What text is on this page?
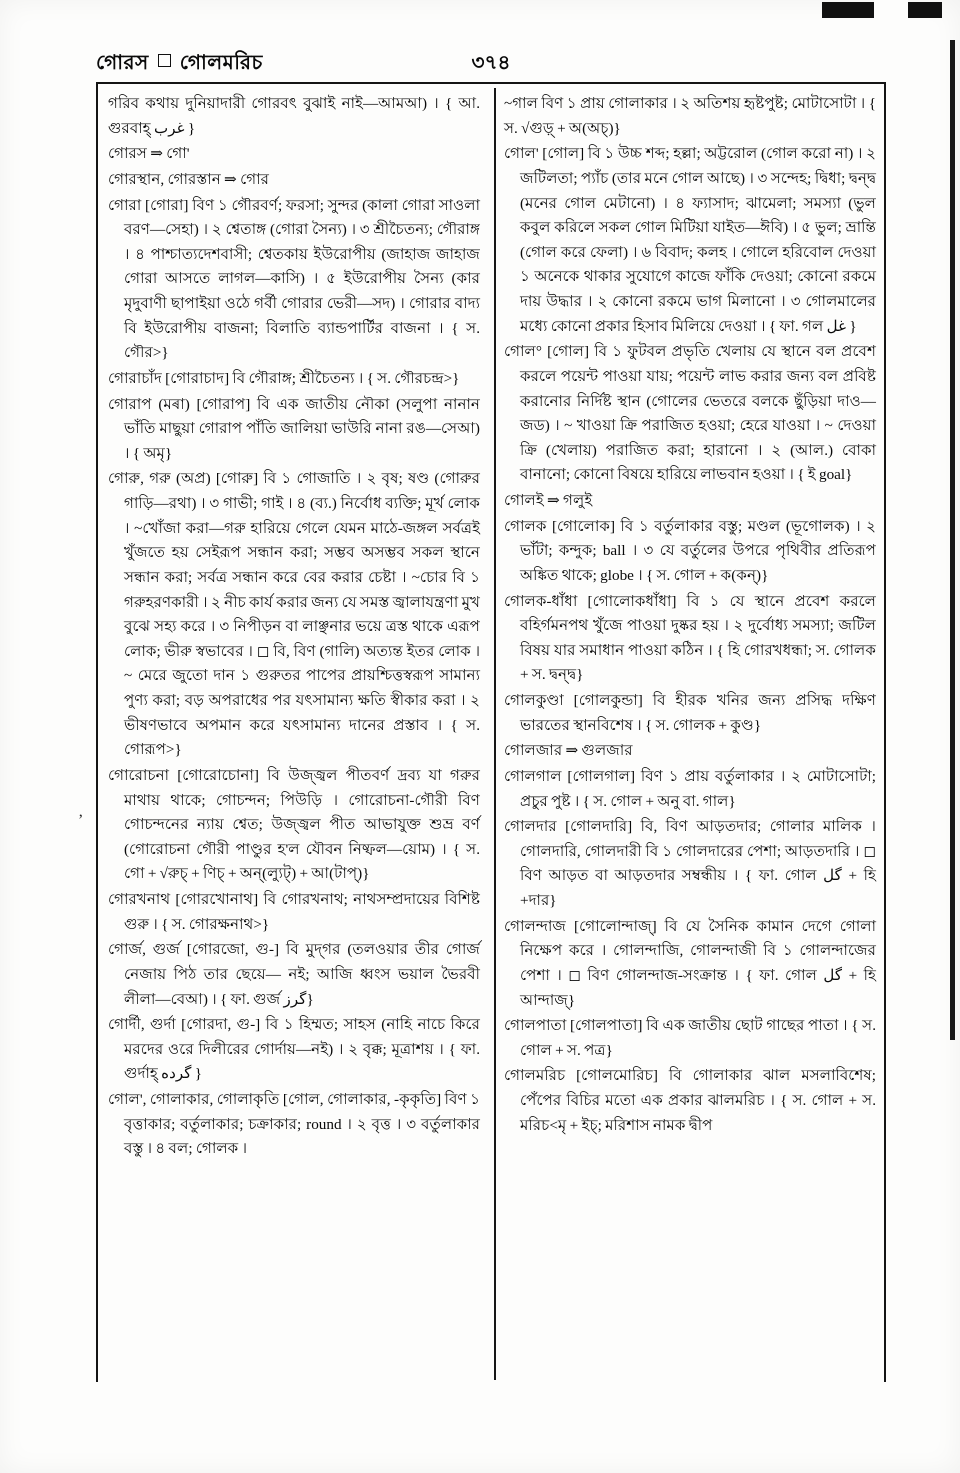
গোরস গোলমরিচ	৩৭৪
ʼ

গরিব কথায় দুনিয়াদারী গোরবৎ বুঝাই নাই—আমআ) । { আ. গুরবাহ্‌ غرب }

গোরস ⇒ গো'

গোরস্থান, গোরস্তান ⇒ গোর

গোরা [গোরা] বিণ ১ গৌরবর্ণ; ফরসা; সুন্দর (কালা গোরা সাওলা বরণ—সেহা) । ২ শ্বেতাঙ্গ (গোরা সৈন্য) । ৩ শ্রীচৈতন্য; গৌরাঙ্গ । ৪ পাশ্চাত্যদেশবাসী; শ্বেতকায় ইউরোপীয় (জাহাজ জাহাজ গোরা আসতে লাগল—কাসি) । ৫ ইউরোপীয় সৈন্য (কার মৃদুবাণী ছাপাইয়া ওঠে গর্বী গোরার ভেরী—সদ) । গোরার বাদ্য বি ইউরোপীয় বাজনা; বিলাতি ব্যান্ডপার্টির বাজনা । { স. গৌর>}

গোরাচাঁদ [গোরাচাদ] বি গৌরাঙ্গ; শ্রীচৈতন্য । { স. গৌরচন্দ্র>}

গোরাপ (মৰা) [গোরাপ] বি এক জাতীয় নৌকা (সলুপা নানান ভাঁতি মাছুয়া গোরাপ পাঁতি জালিয়া ভাউরি নানা রঙ—সেআ) । { অমৃ}

গোরু, গরু (অপ্র) [গোরু] বি ১ গোজাতি । ২ বৃষ; ষণ্ড (গোরুর গাড়ি—রথা) । ৩ গাভী; গাই । ৪ (ব্য.) নির্বোধ ব্যক্তি; মূর্খ লোক । ~খোঁজা করা—গরু হারিয়ে গেলে যেমন মাঠে-জঙ্গল সর্বত্রই খুঁজতে হয় সেইরূপ সন্ধান করা; সম্ভব অসম্ভব সকল স্থানে সন্ধান করা; সর্বত্র সন্ধান করে বের করার চেষ্টা । ~চোর বি ১ গরুহরণকারী । ২ নীচ কার্য করার জন্য যে সমস্ত জ্বালাযন্ত্রণা মুখ বুঝে সহ্য করে । ৩ নিপীড়ন বা লাঞ্ছনার ভয়ে ত্রস্ত থাকে এরূপ লোক; ভীরু স্বভাবের । ◻ বি, বিণ (গালি) অত্যন্ত ইতর লোক । ~ মেরে জুতো দান ১ গুরুতর পাপের প্রায়শ্চিত্তস্বরূপ সামান্য পুণ্য করা; বড় অপরাধের পর যৎসামান্য ক্ষতি স্বীকার করা । ২ ভীষণভাবে অপমান করে যৎসামান্য দানের প্রস্তাব । { স. গোরূপ>}

গোরোচনা [গোরোচোনা] বি উজ্জ্বল পীতবর্ণ দ্রব্য যা গরুর মাথায় থাকে; গোচন্দন; পিউড়ি । গোরোচনা-গৌরী বিণ গোচন্দনের ন্যায় শ্বেত; উজ্জ্বল পীত আভাযুক্ত শুভ্র বর্ণ (গোরোচনা গৌরী পাণ্ডুর হ'ল যৌবন নিষ্ফল—য়োম) । { স. গো + √রুচ্‌ + ণিচ্‌ + অন্‌(ল্যুট্‌) + আ(টাপ্‌)}

গোরখনাথ [গোরখোনাথ] বি গোরখনাথ; নাথসম্প্রদায়ের বিশিষ্ট গুরু । { স. গোরক্ষনাথ>}

গোর্জ, গুর্জ [গোরজো, গু-] বি মুদ্‌গর (তলওয়ার তীর গোর্জ নেজায় পিঠ তার ছেয়ে— নই; আজি ধ্বংস ভয়াল ভৈরবী লীলা—বেআ) । { ফা. গুর্জ گرز}

গোর্দী, গুর্দা [গোরদা, গু-] বি ১ হিম্মত; সাহস (নাহি নাচে কিরে মরদের ওরে দিলীরের গোর্দায়—নই) । ২ বৃক্ক; মূত্রাশয় । { ফা. গুর্দাহ্‌ گرده }

গোল', গোলাকার, গোলাকৃতি [গোল, গোলাকার, -কৃকৃতি] বিণ ১ বৃত্তাকার; বর্তুলাকার; চক্রাকার; round । ২ বৃত্ত । ৩ বর্তুলাকার বস্তু । ৪ বল; গোলক ।

~গাল বিণ ১ প্রায় গোলাকার । ২ অতিশয় হৃষ্টপুষ্ট; মোটাসোটা । { স. √গুড়্‌ + অ(অচ্‌)}

গোল' [গোল] বি ১ উচ্চ শব্দ; হল্লা; অট্টরোল (গোল করো না) । ২ জটিলতা; প্যাঁচ (তার মনে গোল আছে) । ৩ সন্দেহ; দ্বিধা; দ্বন্দ্ব (মনের গোল মেটানো) । ৪ ফ্যাসাদ; ঝামেলা; সমস্যা (ভুল কবুল করিলে সকল গোল মিটিয়া যাইত—ঈবি) । ৫ ভুল; ভ্রান্তি (গোল করে ফেলা) । ৬ বিবাদ; কলহ । গোলে হরিবোল দেওয়া ১ অনেকে থাকার সুযোগে কাজে ফাঁকি দেওয়া; কোনো রকমে দায় উদ্ধার । ২ কোনো রকমে ভাগ মিলানো । ৩ গোলমালের মধ্যে কোনো প্রকার হিসাব মিলিয়ে দেওয়া । { ফা. গল غل }

গোল° [গোল] বি ১ ফুটবল প্রভৃতি খেলায় যে স্থানে বল প্রবেশ করলে পয়েন্ট পাওয়া যায়; পয়েন্ট লাভ করার জন্য বল প্রবিষ্ট করানোর নির্দিষ্ট স্থান (গোলের ভেতরে বলকে ছুঁড়িয়া দাও—জড) । ~ খাওয়া ক্রি পরাজিত হওয়া; হেরে যাওয়া । ~ দেওয়া ক্রি (খেলায়) পরাজিত করা; হারানো । ২ (আল.) বোকা বানানো; কোনো বিষয়ে হারিয়ে লাভবান হওয়া । { ই goal}

গোলই ⇒ গলুই

গোলক [গোলোক] বি ১ বর্তুলাকার বস্তু; মণ্ডল (ভূগোলক) । ২ ভাঁটা; কন্দুক; ball । ৩ যে বর্তুলের উপরে পৃথিবীর প্রতিরূপ অঙ্কিত থাকে; globe । { স. গোল + ক(কন্‌)}

গোলক-ধাঁধা [গোলোকধাঁধা] বি ১ যে স্থানে প্রবেশ করলে বহির্গমনপথ খুঁজে পাওয়া দুষ্কর হয় । ২ দুর্বোধ্য সমস্যা; জটিল বিষয় যার সমাধান পাওয়া কঠিন । { হি গোরখধন্ধা; স. গোলক + স. দ্বন্দ্ব}

গোলকুণ্ডা [গোলকুন্ডা] বি হীরক খনির জন্য প্রসিদ্ধ দক্ষিণ ভারতের স্থানবিশেষ । { স. গোলক + কুণ্ড}

গোলজার ⇒ গুলজার

গোলগাল [গোলগাল] বিণ ১ প্রায় বর্তুলাকার । ২ মোটাসোটা; প্রচুর পুষ্ট । { স. গোল + অনু বা. গাল}

গোলদার [গোলদারি] বি, বিণ আড়তদার; গোলার মালিক । গোলদারি, গোলদারী বি ১ গোলদারের পেশা; আড়তদারি । ◻ বিণ আড়ত বা আড়তদার সম্বন্ধীয় । { ফা. গোল گل + হি +দার}

গোলন্দাজ [গোলোন্দাজ্‌] বি যে সৈনিক কামান দেগে গোলা নিক্ষেপ করে । গোলন্দাজি, গোলন্দাজী বি ১ গোলন্দাজের পেশা । ◻ বিণ গোলন্দাজ-সংক্রান্ত । { ফা. গোল گل + হি আন্দাজ্‌}

গোলপাতা [গোলপাতা] বি এক জাতীয় ছোট গাছের পাতা । { স. গোল + স. পত্র}

গোলমরিচ [গোলমোরিচ] বি গোলাকার ঝাল মসলাবিশেষ; পেঁপের বিচির মতো এক প্রকার ঝালমরিচ । { স. গোল + স. মরিচ<মৃ + ইচ্‌; মরিশাস নামক দ্বীপ
